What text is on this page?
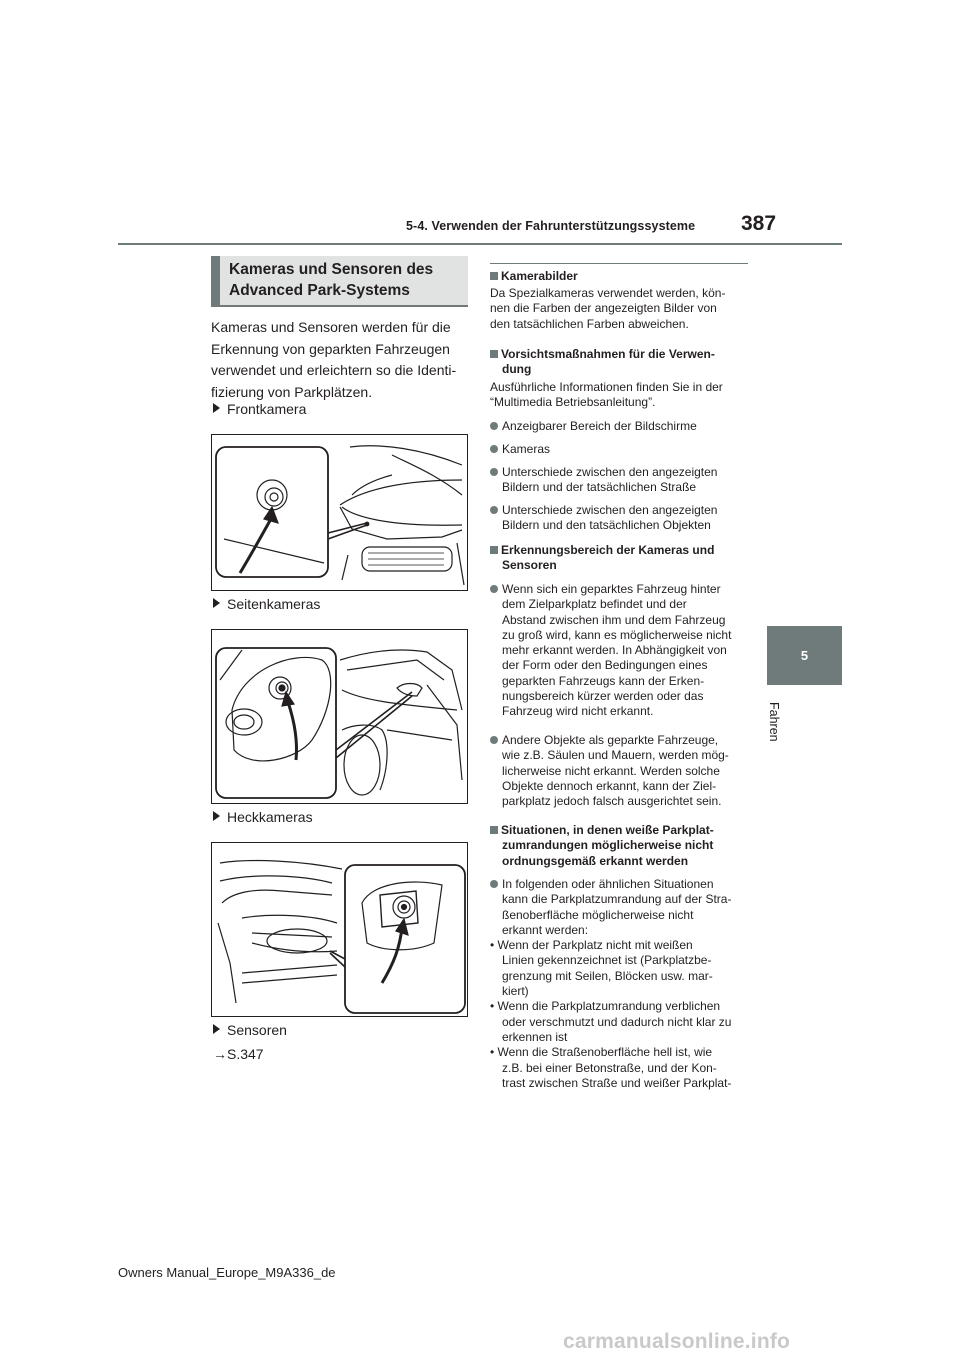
5-4. Verwenden der Fahrunterstützungssysteme 387
5
Fahren
Kameras und Sensoren des
Advanced Park-Systems
Kameras und Sensoren werden für die
Erkennung von geparkten Fahrzeugen
verwendet und erleichtern so die Identi-
fizierung von Parkplätzen.
Frontkamera
Seitenkameras
Heckkameras
Sensoren
→S.347
Kamerabilder
Da Spezialkameras verwendet werden, kön-
nen die Farben der angezeigten Bilder von
den tatsächlichen Farben abweichen.
Vorsichtsmaßnahmen für die Verwen-
dung
Ausführliche Informationen finden Sie in der
“Multimedia Betriebsanleitung”.
Anzeigbarer Bereich der Bildschirme
Kameras
Unterschiede zwischen den angezeigten
Bildern und der tatsächlichen Straße
Unterschiede zwischen den angezeigten
Bildern und den tatsächlichen Objekten
Erkennungsbereich der Kameras und
Sensoren
Wenn sich ein geparktes Fahrzeug hinter
dem Zielparkplatz befindet und der
Abstand zwischen ihm und dem Fahrzeug
zu groß wird, kann es möglicherweise nicht
mehr erkannt werden. In Abhängigkeit von
der Form oder den Bedingungen eines
geparkten Fahrzeugs kann der Erken-
nungsbereich kürzer werden oder das
Fahrzeug wird nicht erkannt.
Andere Objekte als geparkte Fahrzeuge,
wie z.B. Säulen und Mauern, werden mög-
licherweise nicht erkannt. Werden solche
Objekte dennoch erkannt, kann der Ziel-
parkplatz jedoch falsch ausgerichtet sein.
Situationen, in denen weiße Parkplat-
zumrandungen möglicherweise nicht
ordnungsgemäß erkannt werden
In folgenden oder ähnlichen Situationen
kann die Parkplatzumrandung auf der Stra-
ßenoberfläche möglicherweise nicht
erkannt werden:
• Wenn der Parkplatz nicht mit weißen
Linien gekennzeichnet ist (Parkplatzbe-
grenzung mit Seilen, Blöcken usw. mar-
kiert)
• Wenn die Parkplatzumrandung verblichen
oder verschmutzt und dadurch nicht klar zu
erkennen ist
• Wenn die Straßenoberfläche hell ist, wie
z.B. bei einer Betonstraße, und der Kon-
trast zwischen Straße und weißer Parkplat-
Owners Manual_Europe_M9A336_de
carmanualsonline.info
